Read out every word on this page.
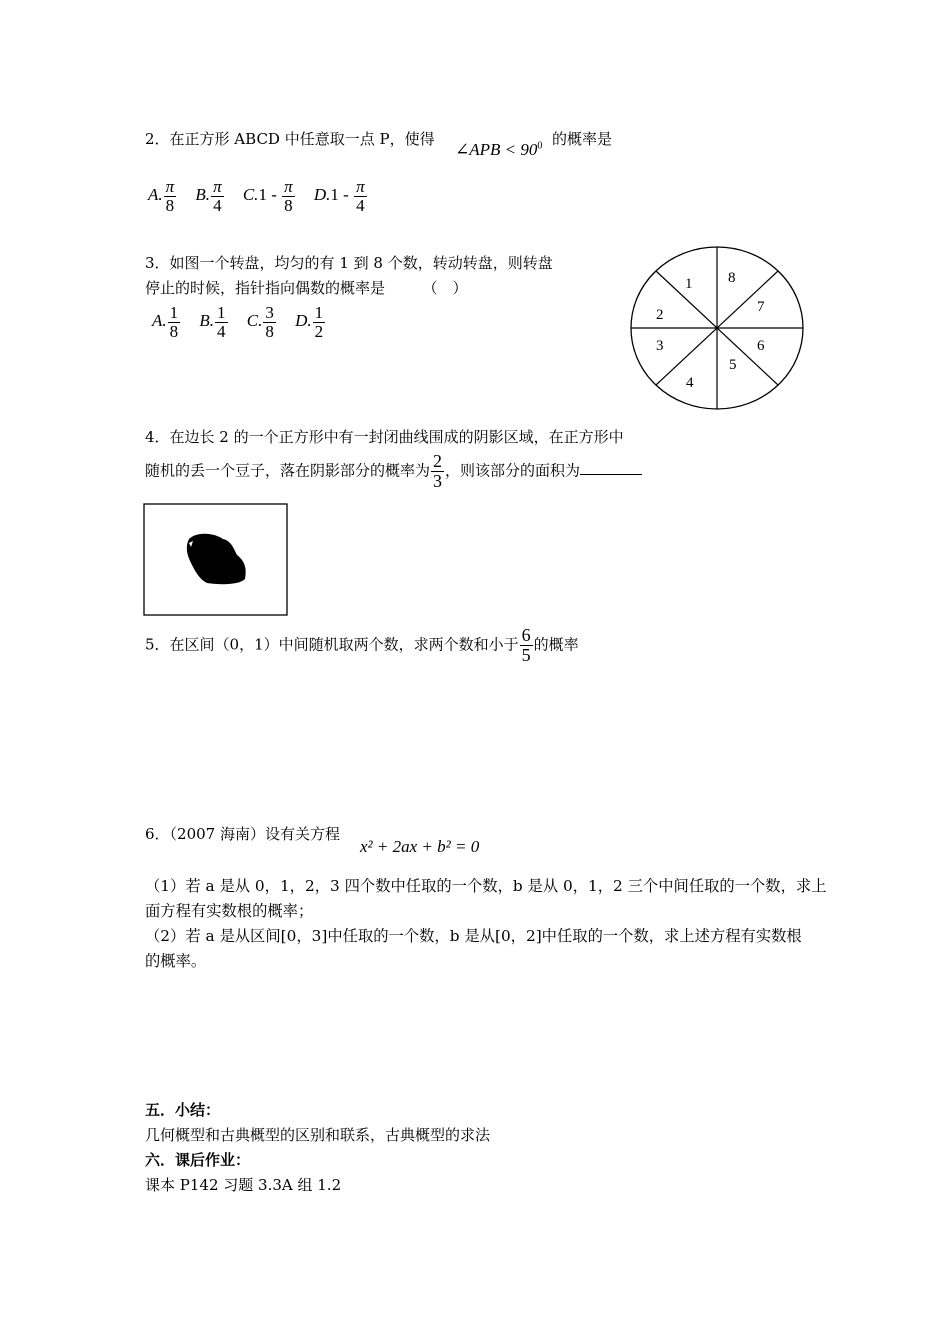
2．在正方形 ABCD 中任意取一点 P，使得
∠APB < $90^0$ 的概率是
A. $\frac{\pi}{8} B$. $\frac{\pi}{4} C.1 - \frac{\pi}{8} D.1 - \frac{\pi}{4}$
3．如图一个转盘，均匀的有 1 到 8 个数，转动转盘，则转盘
停止的时候，指针指向偶数的概率是　　　（　）
A. $\frac{1}{8} B$. $\frac{1}{4} C$. $\frac{3}{8} D$. $\frac{1}{2}$
1 8
7
6
5
4
3
2
4．在边长 2 的一个正方形中有一封闭曲线围成的阴影区域，在正方形中
随机的丢一个豆子，落在阴影部分的概率为 $\frac{2}{3}$ ，则该部分的面积为
5．在区间（0，1）中间随机取两个数，求两个数和小于 $\frac{6}{5}$ 的概率
6．（2007 海南）设有关方程
x² + 2ax + b² = 0
（1）若 a 是从 0，1，2，3 四个数中任取的一个数，b 是从 0，1，2 三个中间任取的一个数，求上
面方程有实数根的概率；
（2）若 a 是从区间[0，3]中任取的一个数，b 是从[0，2]中任取的一个数，求上述方程有实数根
的概率。
五．小结：
几何概型和古典概型的区别和联系，古典概型的求法
六．课后作业：
课本 P142 习题 3.3A 组 1.2
